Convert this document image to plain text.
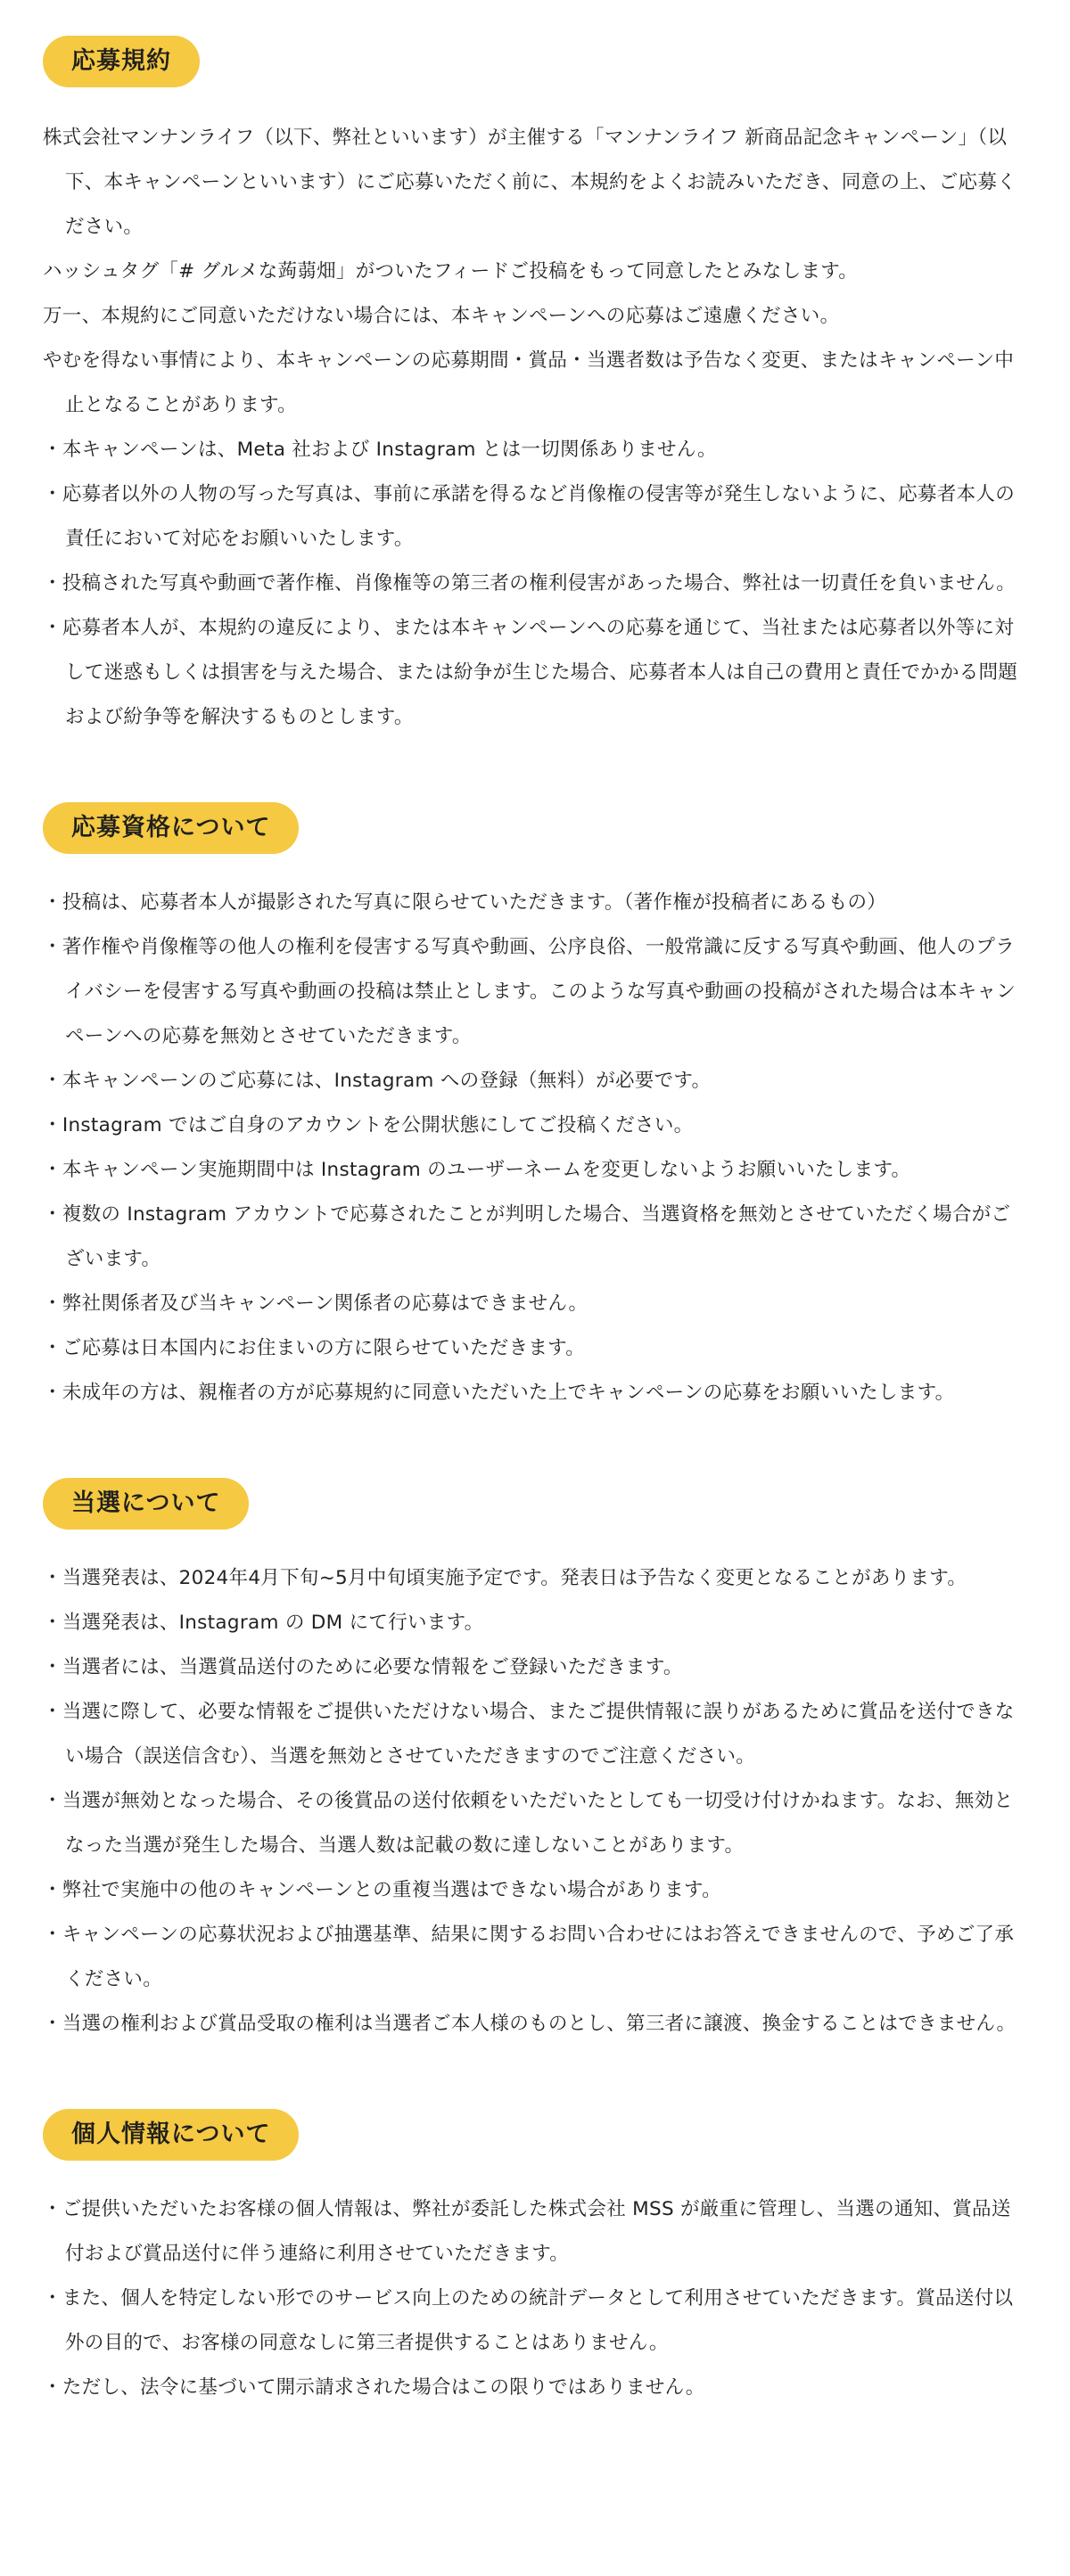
応募規約

株式会社マンナンライフ（以下、弊社といいます）が主催する「マンナンライフ 新商品記念キャンペーン」（以下、本キャンペーンといいます）にご応募いただく前に、本規約をよくお読みいただき、同意の上、ご応募ください。

ハッシュタグ「# グルメな蒟蒻畑」がついたフィードご投稿をもって同意したとみなします。

万一、本規約にご同意いただけない場合には、本キャンペーンへの応募はご遠慮ください。

やむを得ない事情により、本キャンペーンの応募期間・賞品・当選者数は予告なく変更、またはキャンペーン中止となることがあります。

・本キャンペーンは、Meta 社および Instagram とは一切関係ありません。

・応募者以外の人物の写った写真は、事前に承諾を得るなど肖像権の侵害等が発生しないように、応募者本人の責任において対応をお願いいたします。

・投稿された写真や動画で著作権、肖像権等の第三者の権利侵害があった場合、弊社は一切責任を負いません。

・応募者本人が、本規約の違反により、または本キャンペーンへの応募を通じて、当社または応募者以外等に対して迷惑もしくは損害を与えた場合、または紛争が生じた場合、応募者本人は自己の費用と責任でかかる問題および紛争等を解決するものとします。

応募資格について

・投稿は、応募者本人が撮影された写真に限らせていただきます。（著作権が投稿者にあるもの）

・著作権や肖像権等の他人の権利を侵害する写真や動画、公序良俗、一般常識に反する写真や動画、他人のプライバシーを侵害する写真や動画の投稿は禁止とします。このような写真や動画の投稿がされた場合は本キャンペーンへの応募を無効とさせていただきます。

・本キャンペーンのご応募には、Instagram への登録（無料）が必要です。

・Instagram ではご自身のアカウントを公開状態にしてご投稿ください。

・本キャンペーン実施期間中は Instagram のユーザーネームを変更しないようお願いいたします。

・複数の Instagram アカウントで応募されたことが判明した場合、当選資格を無効とさせていただく場合がございます。

・弊社関係者及び当キャンペーン関係者の応募はできません。

・ご応募は日本国内にお住まいの方に限らせていただきます。

・未成年の方は、親権者の方が応募規約に同意いただいた上でキャンペーンの応募をお願いいたします。

当選について

・当選発表は、2024年4月下旬~5月中旬頃実施予定です。発表日は予告なく変更となることがあります。

・当選発表は、Instagram の DM にて行います。

・当選者には、当選賞品送付のために必要な情報をご登録いただきます。

・当選に際して、必要な情報をご提供いただけない場合、またご提供情報に誤りがあるために賞品を送付できない場合（誤送信含む）、当選を無効とさせていただきますのでご注意ください。

・当選が無効となった場合、その後賞品の送付依頼をいただいたとしても一切受け付けかねます。なお、無効となった当選が発生した場合、当選人数は記載の数に達しないことがあります。

・弊社で実施中の他のキャンペーンとの重複当選はできない場合があります。

・キャンペーンの応募状況および抽選基準、結果に関するお問い合わせにはお答えできませんので、予めご了承ください。

・当選の権利および賞品受取の権利は当選者ご本人様のものとし、第三者に譲渡、換金することはできません。

個人情報について

・ご提供いただいたお客様の個人情報は、弊社が委託した株式会社 MSS が厳重に管理し、当選の通知、賞品送付および賞品送付に伴う連絡に利用させていただきます。

・また、個人を特定しない形でのサービス向上のための統計データとして利用させていただきます。賞品送付以外の目的で、お客様の同意なしに第三者提供することはありません。

・ただし、法令に基づいて開示請求された場合はこの限りではありません。
